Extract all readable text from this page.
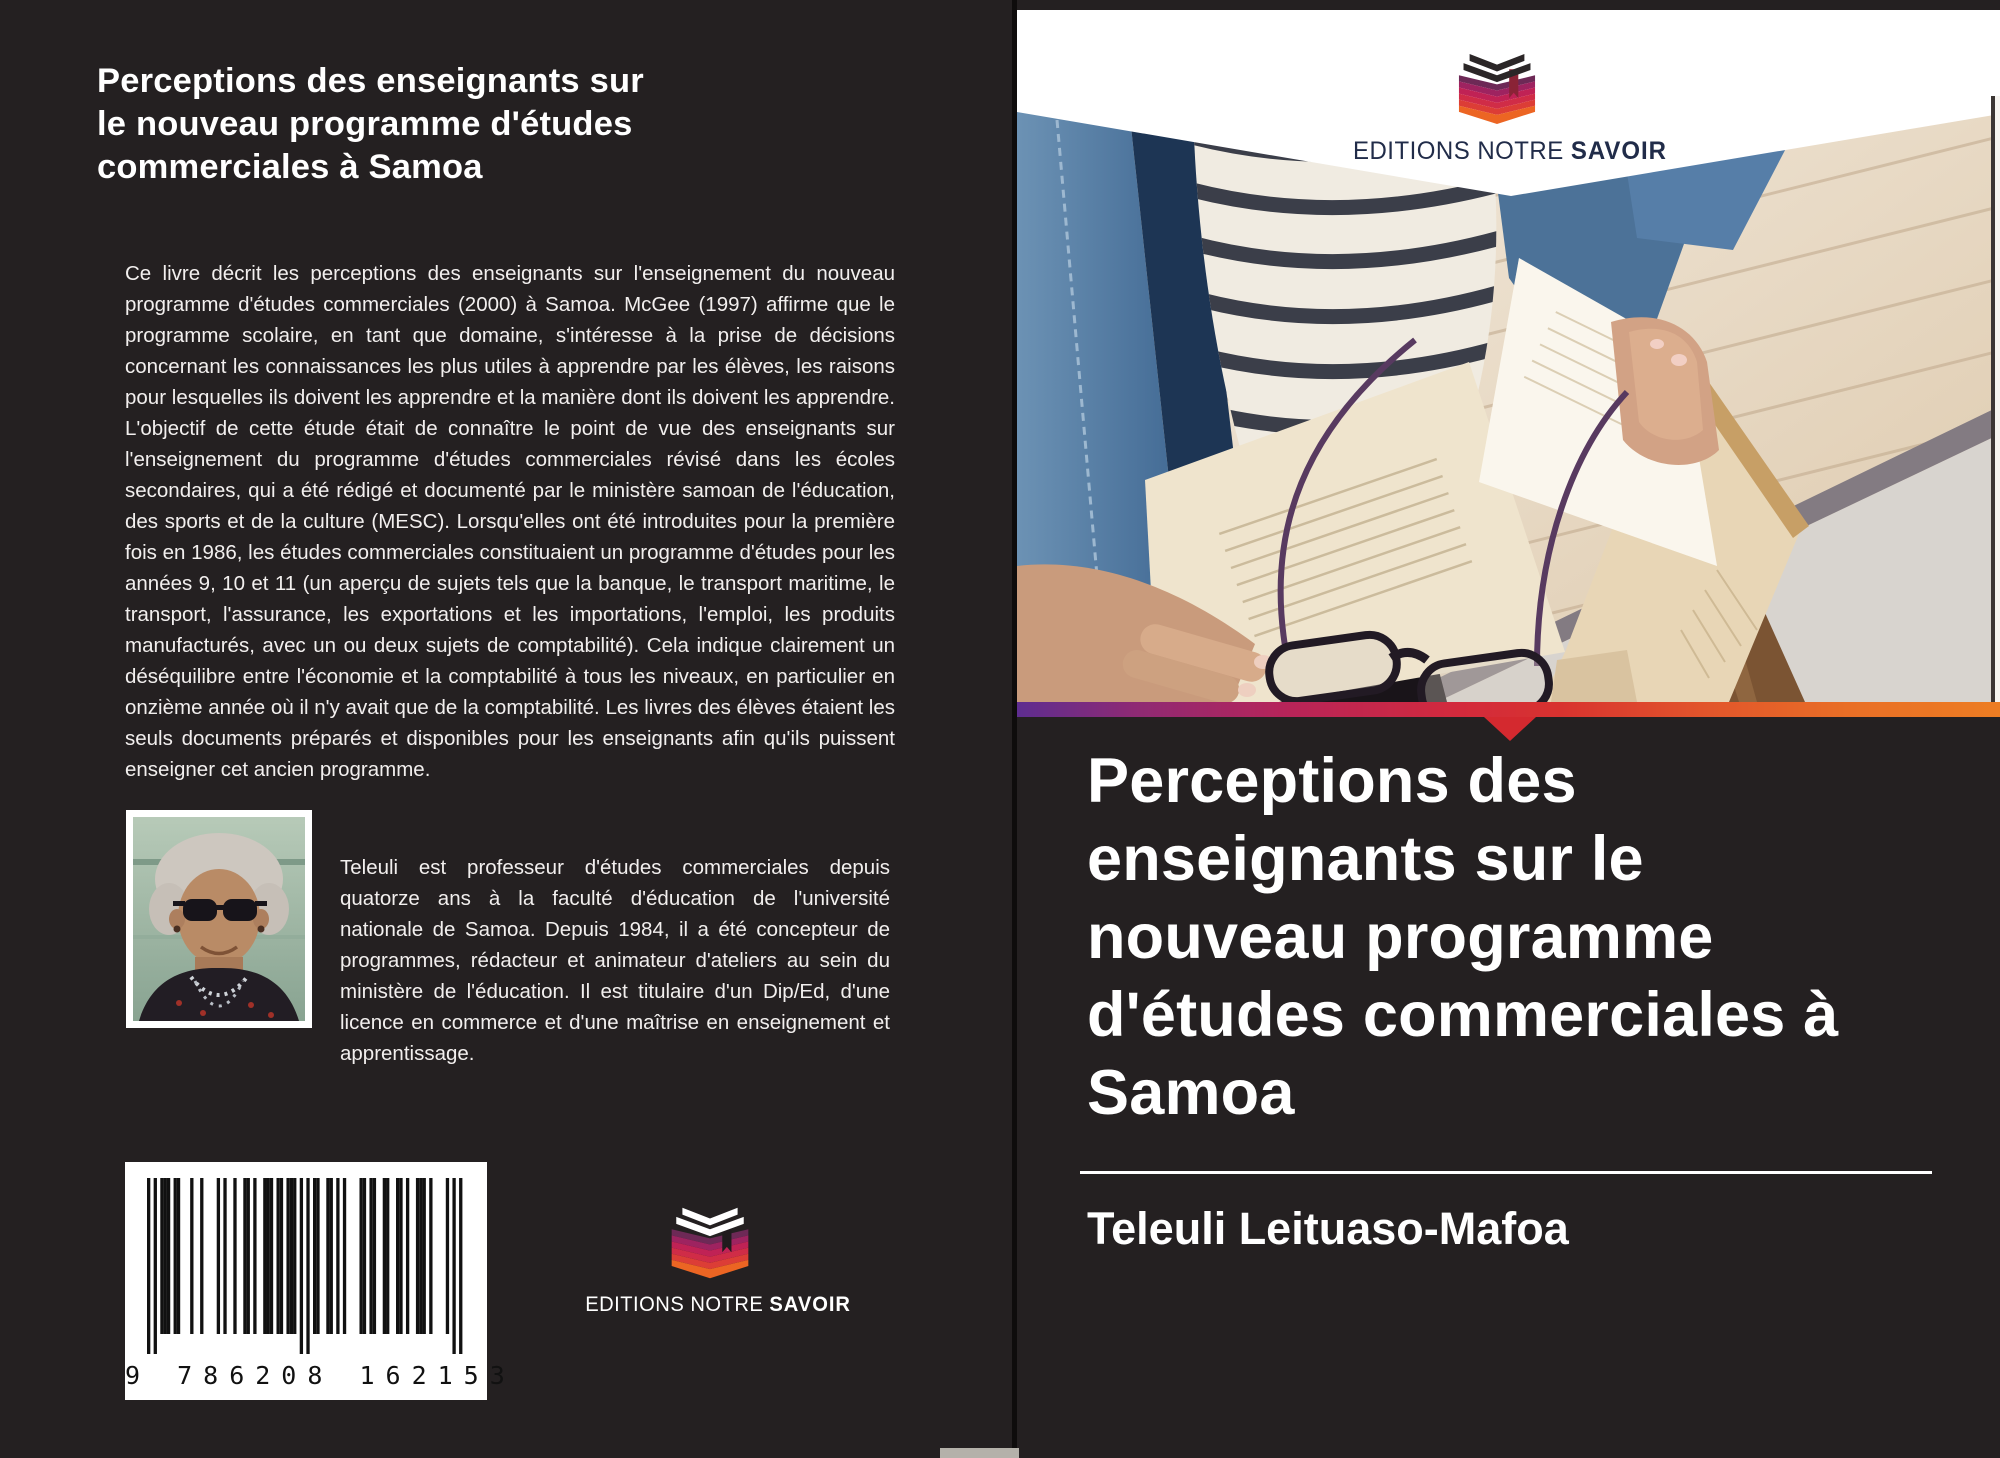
Perceptions des enseignants sur
le nouveau programme d'études
commerciales à Samoa

Ce livre décrit les perceptions des enseignants sur l'enseignement du nouveau programme d'études commerciales (2000) à Samoa. McGee (1997) affirme que le programme scolaire, en tant que domaine, s'intéresse à la prise de décisions concernant les connaissances les plus utiles à apprendre par les élèves, les raisons pour lesquelles ils doivent les apprendre et la manière dont ils doivent les apprendre. L'objectif de cette étude était de connaître le point de vue des enseignants sur l'enseignement du programme d'études commerciales révisé dans les écoles secondaires, qui a été rédigé et documenté par le ministère samoan de l'éducation, des sports et de la culture (MESC). Lorsqu'elles ont été introduites pour la première fois en 1986, les études commerciales constituaient un programme d'études pour les années 9, 10 et 11 (un aperçu de sujets tels que la banque, le transport maritime, le transport, l'assurance, les exportations et les importations, l'emploi, les produits manufacturés, avec un ou deux sujets de comptabilité). Cela indique clairement un déséquilibre entre l'économie et la comptabilité à tous les niveaux, en particulier en onzième année où il n'y avait que de la comptabilité. Les livres des élèves étaient les seuls documents préparés et disponibles pour les enseignants afin qu'ils puissent enseigner cet ancien programme.

Teleuli est professeur d'études commerciales depuis quatorze ans à la faculté d'éducation de l'université nationale de Samoa. Depuis 1984, il a été concepteur de programmes, rédacteur et animateur d'ateliers au sein du ministère de l'éducation. Il est titulaire d'un Dip/Ed, d'une licence en commerce et d'une maîtrise en enseignement et apprentissage.

9 786208 162153
EDITIONS NOTRE SAVOIR
EDITIONS NOTRE SAVOIR
Perceptions des
enseignants sur le
nouveau programme
d'études commerciales à
Samoa
Teleuli Leituaso-Mafoa
